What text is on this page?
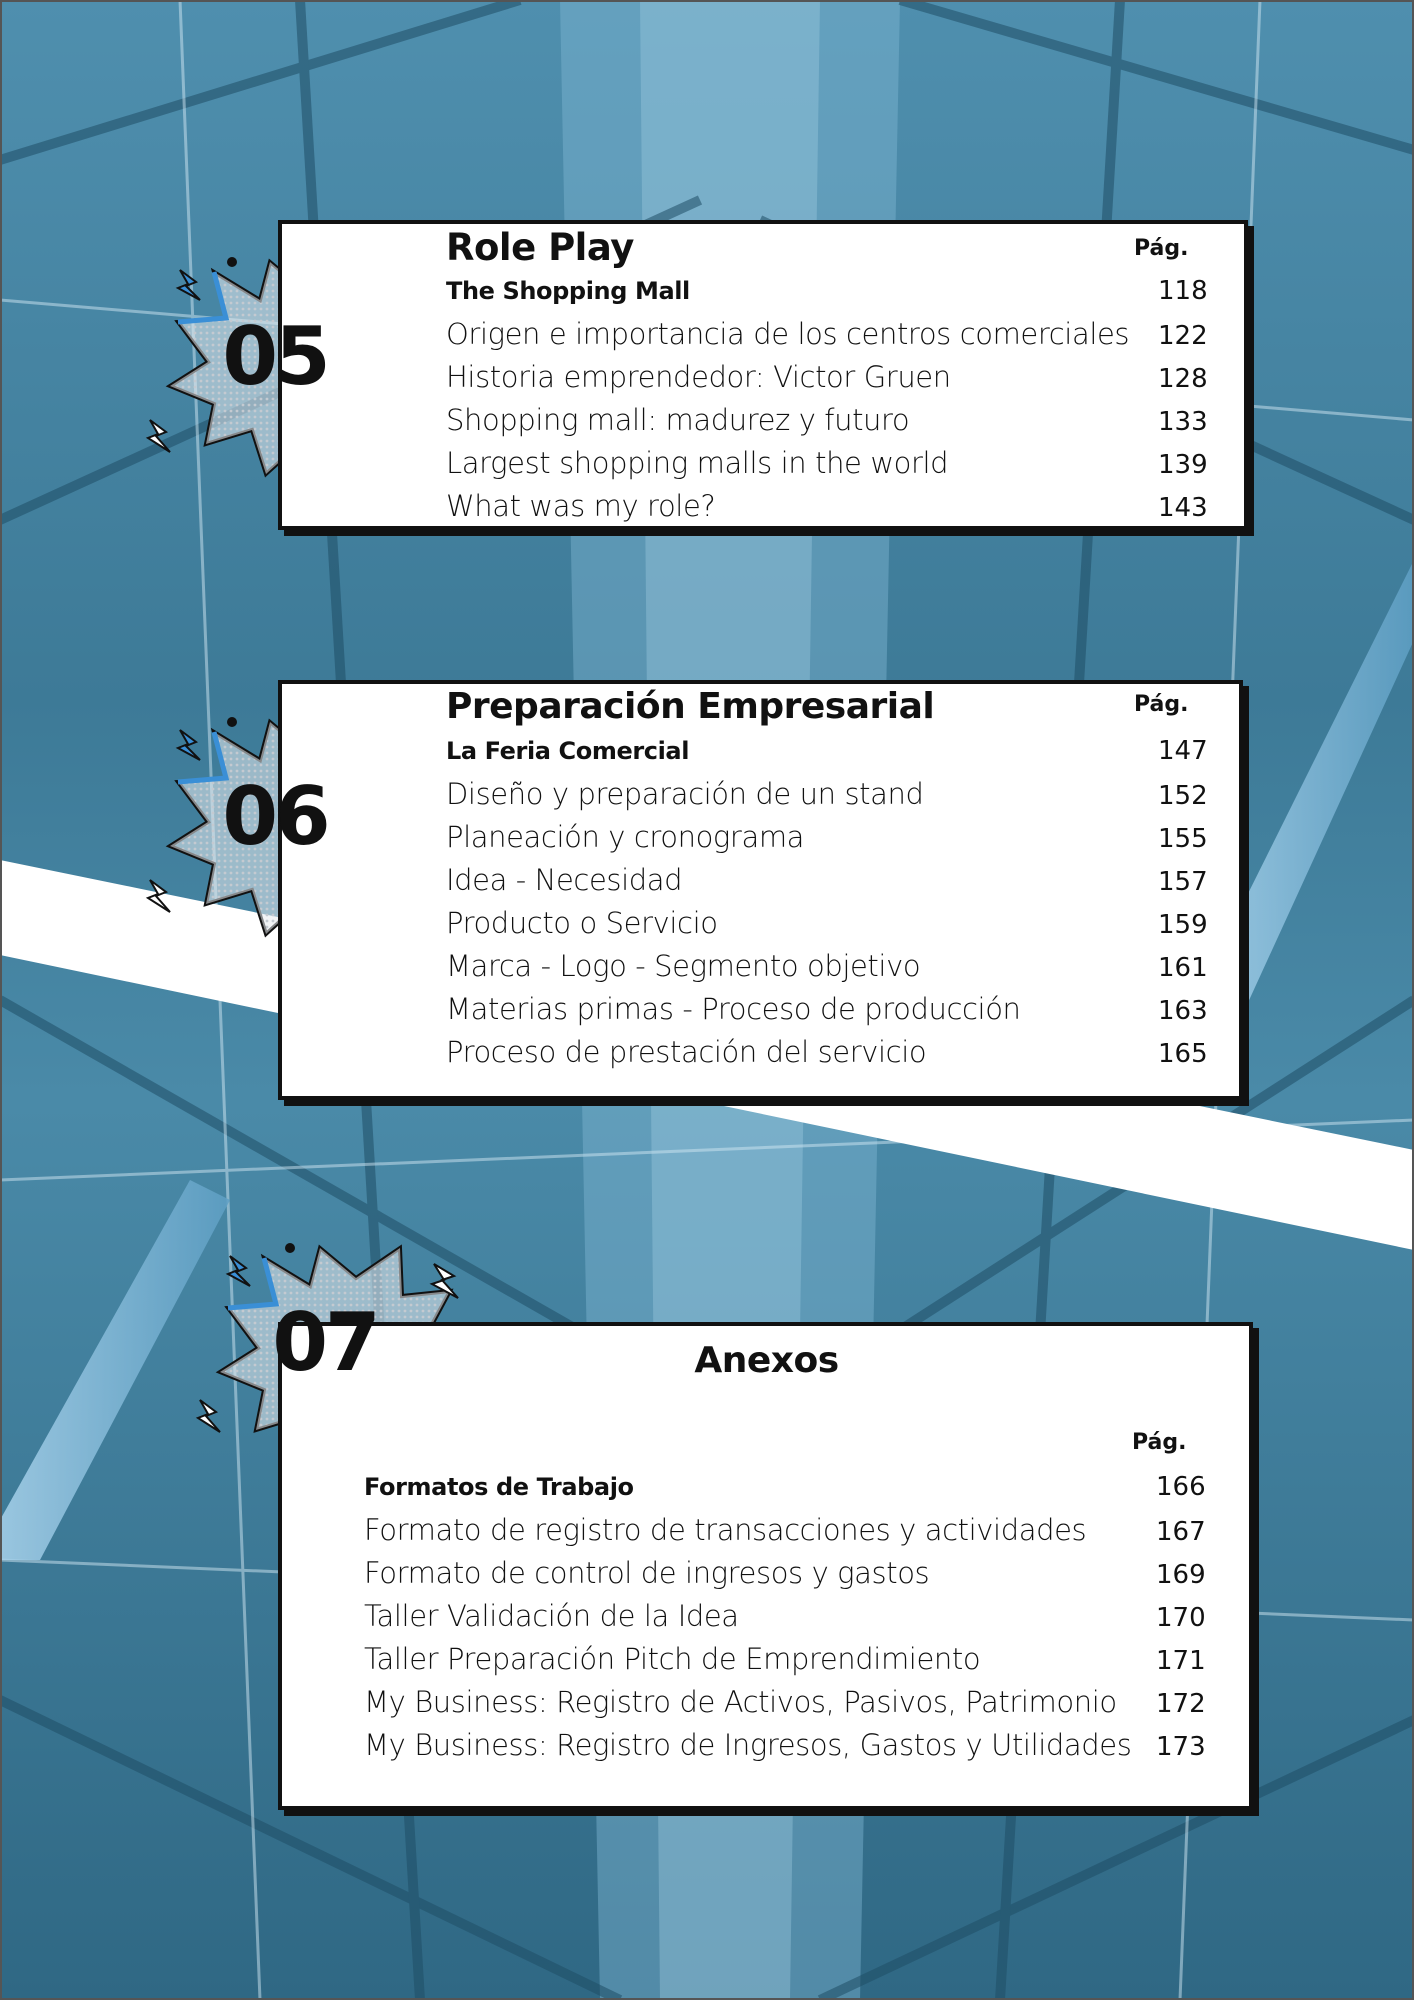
Role Play	Pág.
The Shopping Mall	118
Origen e importancia de los centros comerciales 122
Historia emprendedor: Victor Gruen	128
Shopping mall: madurez y futuro	133
Largest shopping malls in the world	139
What was my role?	143
Preparación Empresarial	Pág.
La Feria Comercial	147
Diseño y preparación de un stand	152
Planeación y cronograma	155
Idea - Necesidad	157
Producto o Servicio	159
Marca - Logo - Segmento objetivo	161
Materias primas - Proceso de producción	163
Proceso de prestación del servicio	165
Anexos
Pág.
Formatos de Trabajo	166
Formato de registro de transacciones y actividades	167
Formato de control de ingresos y gastos	169
Taller Validación de la Idea	170
Taller Preparación Pitch de Emprendimiento	171
My Business: Registro de Activos, Pasivos, Patrimonio 172
My Business: Registro de Ingresos, Gastos y Utilidades 173
05
06
07
